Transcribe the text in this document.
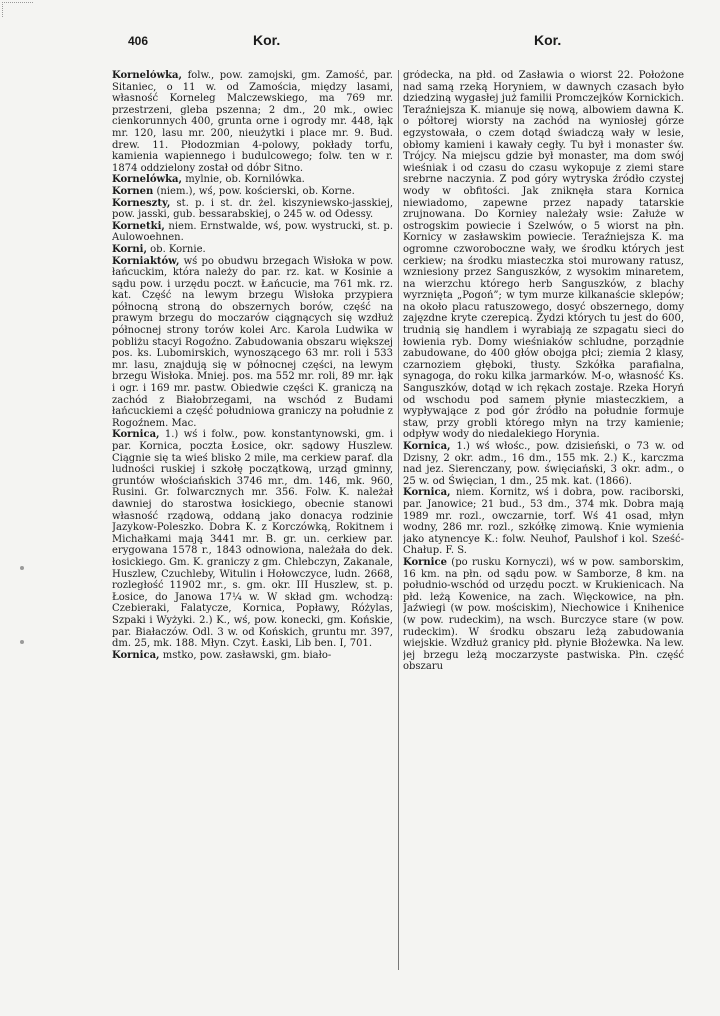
406	Kor.	Kor.

Kornelówka, folw., pow. zamojski, gm. Zamość, par. Sitaniec, o 11 w. od Zamościa, między lasami, własność Korneleg Malczewskiego, ma 769 mr. przestrzeni, gleba pszenna; 2 dm., 20 mk., owiec cienkorunnych 400, grunta orne i ogrody mr. 448, łąk mr. 120, lasu mr. 200, nieużytki i place mr. 9. Bud. drew. 11. Płodozmian 4-polowy, pokłady torfu, kamienia wapiennego i budulcowego; folw. ten w r. 1874 oddzielony został od dóbr Sitno.

Kornelówka, mylnie, ob. Kornilówka.

Kornen (niem.), wś, pow. kościerski, ob. Korne.

Korneszty, st. p. i st. dr. żel. kiszyniewsko-jasskiej, pow. jasski, gub. bessarabskiej, o 245 w. od Odessy.

Kornetki, niem. Ernstwalde, wś, pow. wystrucki, st. p. Aulowoehnen.

Korni, ob. Kornie.

Korniaktów, wś po obudwu brzegach Wisłoka w pow. łańcuckim, która należy do par. rz. kat. w Kosinie a sądu pow. i urzędu poczt. w Łańcucie, ma 761 mk. rz. kat. Część na lewym brzegu Wisłoka przypiera północną stroną do obszernych borów, część na prawym brzegu do moczarów ciągnących się wzdłuż północnej strony torów kolei Arc. Karola Ludwika w pobliżu stacyi Rogoźno. Zabudowania obszaru większej pos. ks. Lubomirskich, wynoszącego 63 mr. roli i 533 mr. lasu, znajdują się w północnej części, na lewym brzegu Wisłoka. Mniej. pos. ma 552 mr. roli, 89 mr. łąk i ogr. i 169 mr. pastw. Obiedwie części K. graniczą na zachód z Białobrzegami, na wschód z Budami łańcuckiemi a część południowa graniczy na południe z Rogoźnem. Mac.

Kornica, 1.) wś i folw., pow. konstantynowski, gm. i par. Kornica, poczta Łosice, okr. sądowy Huszlew. Ciągnie się ta wieś blisko 2 mile, ma cerkiew paraf. dla ludności ruskiej i szkołę początkową, urząd gminny, gruntów włościańskich 3746 mr., dm. 146, mk. 960, Rusini. Gr. folwarcznych mr. 356. Folw. K. należał dawniej do starostwa łosickiego, obecnie stanowi własność rządową, oddaną jako donacya rodzinie Jazykow-Poleszko. Dobra K. z Korczówką, Rokitnem i Michałkami mają 3441 mr. B. gr. un. cerkiew par. erygowana 1578 r., 1843 odnowiona, należała do dek. łosickiego. Gm. K. graniczy z gm. Chlebczyn, Zakanale, Huszlew, Czuchleby, Witulin i Hołowczyce, ludn. 2668, rozległość 11902 mr., s. gm. okr. III Huszlew, st. p. Łosice, do Janowa 17¼ w. W skład gm. wchodzą: Czebieraki, Falatycze, Kornica, Popławy, Różylas, Szpaki i Wyżyki. 2.) K., wś, pow. konecki, gm. Końskie, par. Białaczów. Odl. 3 w. od Końskich, gruntu mr. 397, dm. 25, mk. 188. Młyn. Czyt. Łaski, Lib ben. I, 701.

Kornica, mstko, pow. zasławski, gm. biało-

gródecka, na płd. od Zasławia o wiorst 22. Położone nad samą rzeką Horyniem, w dawnych czasach było dziedziną wygasłej już familii Promczejków Kornickich. Teraźniejsza K. mianuje się nową, albowiem dawna K. o półtorej wiorsty na zachód na wyniosłej górze egzystowała, o czem dotąd świadczą wały w lesie, obłomy kamieni i kawały cegły. Tu był i monaster św. Trójcy. Na miejscu gdzie był monaster, ma dom swój wieśniak i od czasu do czasu wykopuje z ziemi stare srebrne naczynia. Z pod góry wytryska źródło czystej wody w obfitości. Jak zniknęła stara Kornica niewiadomo, zapewne przez napady tatarskie zrujnowana. Do Korniey należały wsie: Załuże w ostrogskim powiecie i Szelwów, o 5 wiorst na płn. Kornicy w zasławskim powiecie. Teraźniejsza K. ma ogromne czworoboczne wały, we środku których jest cerkiew; na środku miasteczka stoi murowany ratusz, wzniesiony przez Sanguszków, z wysokim minaretem, na wierzchu którego herb Sanguszków, z blachy wyrznięta „Pogoń”; w tym murze kilkanaście sklepów; na około placu ratuszowego, dosyć obszernego, domy zajęzdne kryte czerepicą. Żydzi których tu jest do 600, trudnią się handlem i wyrabiają ze szpagatu sieci do łowienia ryb. Domy wieśniaków schludne, porządnie zabudowane, do 400 głów obojga płci; ziemia 2 klasy, czarnoziem głęboki, tłusty. Szkółka parafialna, synagoga, do roku kilka jarmarków. M-o, własność Ks. Sanguszków, dotąd w ich rękach zostaje. Rzeka Horyń od wschodu pod samem płynie miasteczkiem, a wypływające z pod gór źródło na południe formuje staw, przy grobli którego młyn na trzy kamienie; odpływ wody do niedalekiego Horynia.

Kornica, 1.) wś włośc., pow. dzisieński, o 73 w. od Dzisny, 2 okr. adm., 16 dm., 155 mk. 2.) K., karczma nad jez. Sierenczany, pow. święciański, 3 okr. adm., o 25 w. od Święcian, 1 dm., 25 mk. kat. (1866).

Kornica, niem. Kornitz, wś i dobra, pow. raciborski, par. Janowice; 21 bud., 53 dm., 374 mk. Dobra mają 1989 mr. rozl., owczarnie, torf. Wś 41 osad, młyn wodny, 286 mr. rozl., szkółkę zimową. Knie wymienia jako atynencye K.: folw. Neuhof, Paulshof i kol. Sześć-Chałup. F. S.

Kornice (po rusku Kornyczi), wś w pow. samborskim, 16 km. na płn. od sądu pow. w Samborze, 8 km. na południo-wschód od urzędu poczt. w Krukienicach. Na płd. leżą Kowenice, na zach. Więckowice, na płn. Jaźwiegi (w pow. mościskim), Niechowice i Knihenice (w pow. rudeckim), na wsch. Burczyce stare (w pow. rudeckim). W środku obszaru leżą zabudowania wiejskie. Wzdłuż granicy płd. płynie Błożewka. Na lew. jej brzegu leżą moczarzyste pastwiska. Płn. część obszaru
